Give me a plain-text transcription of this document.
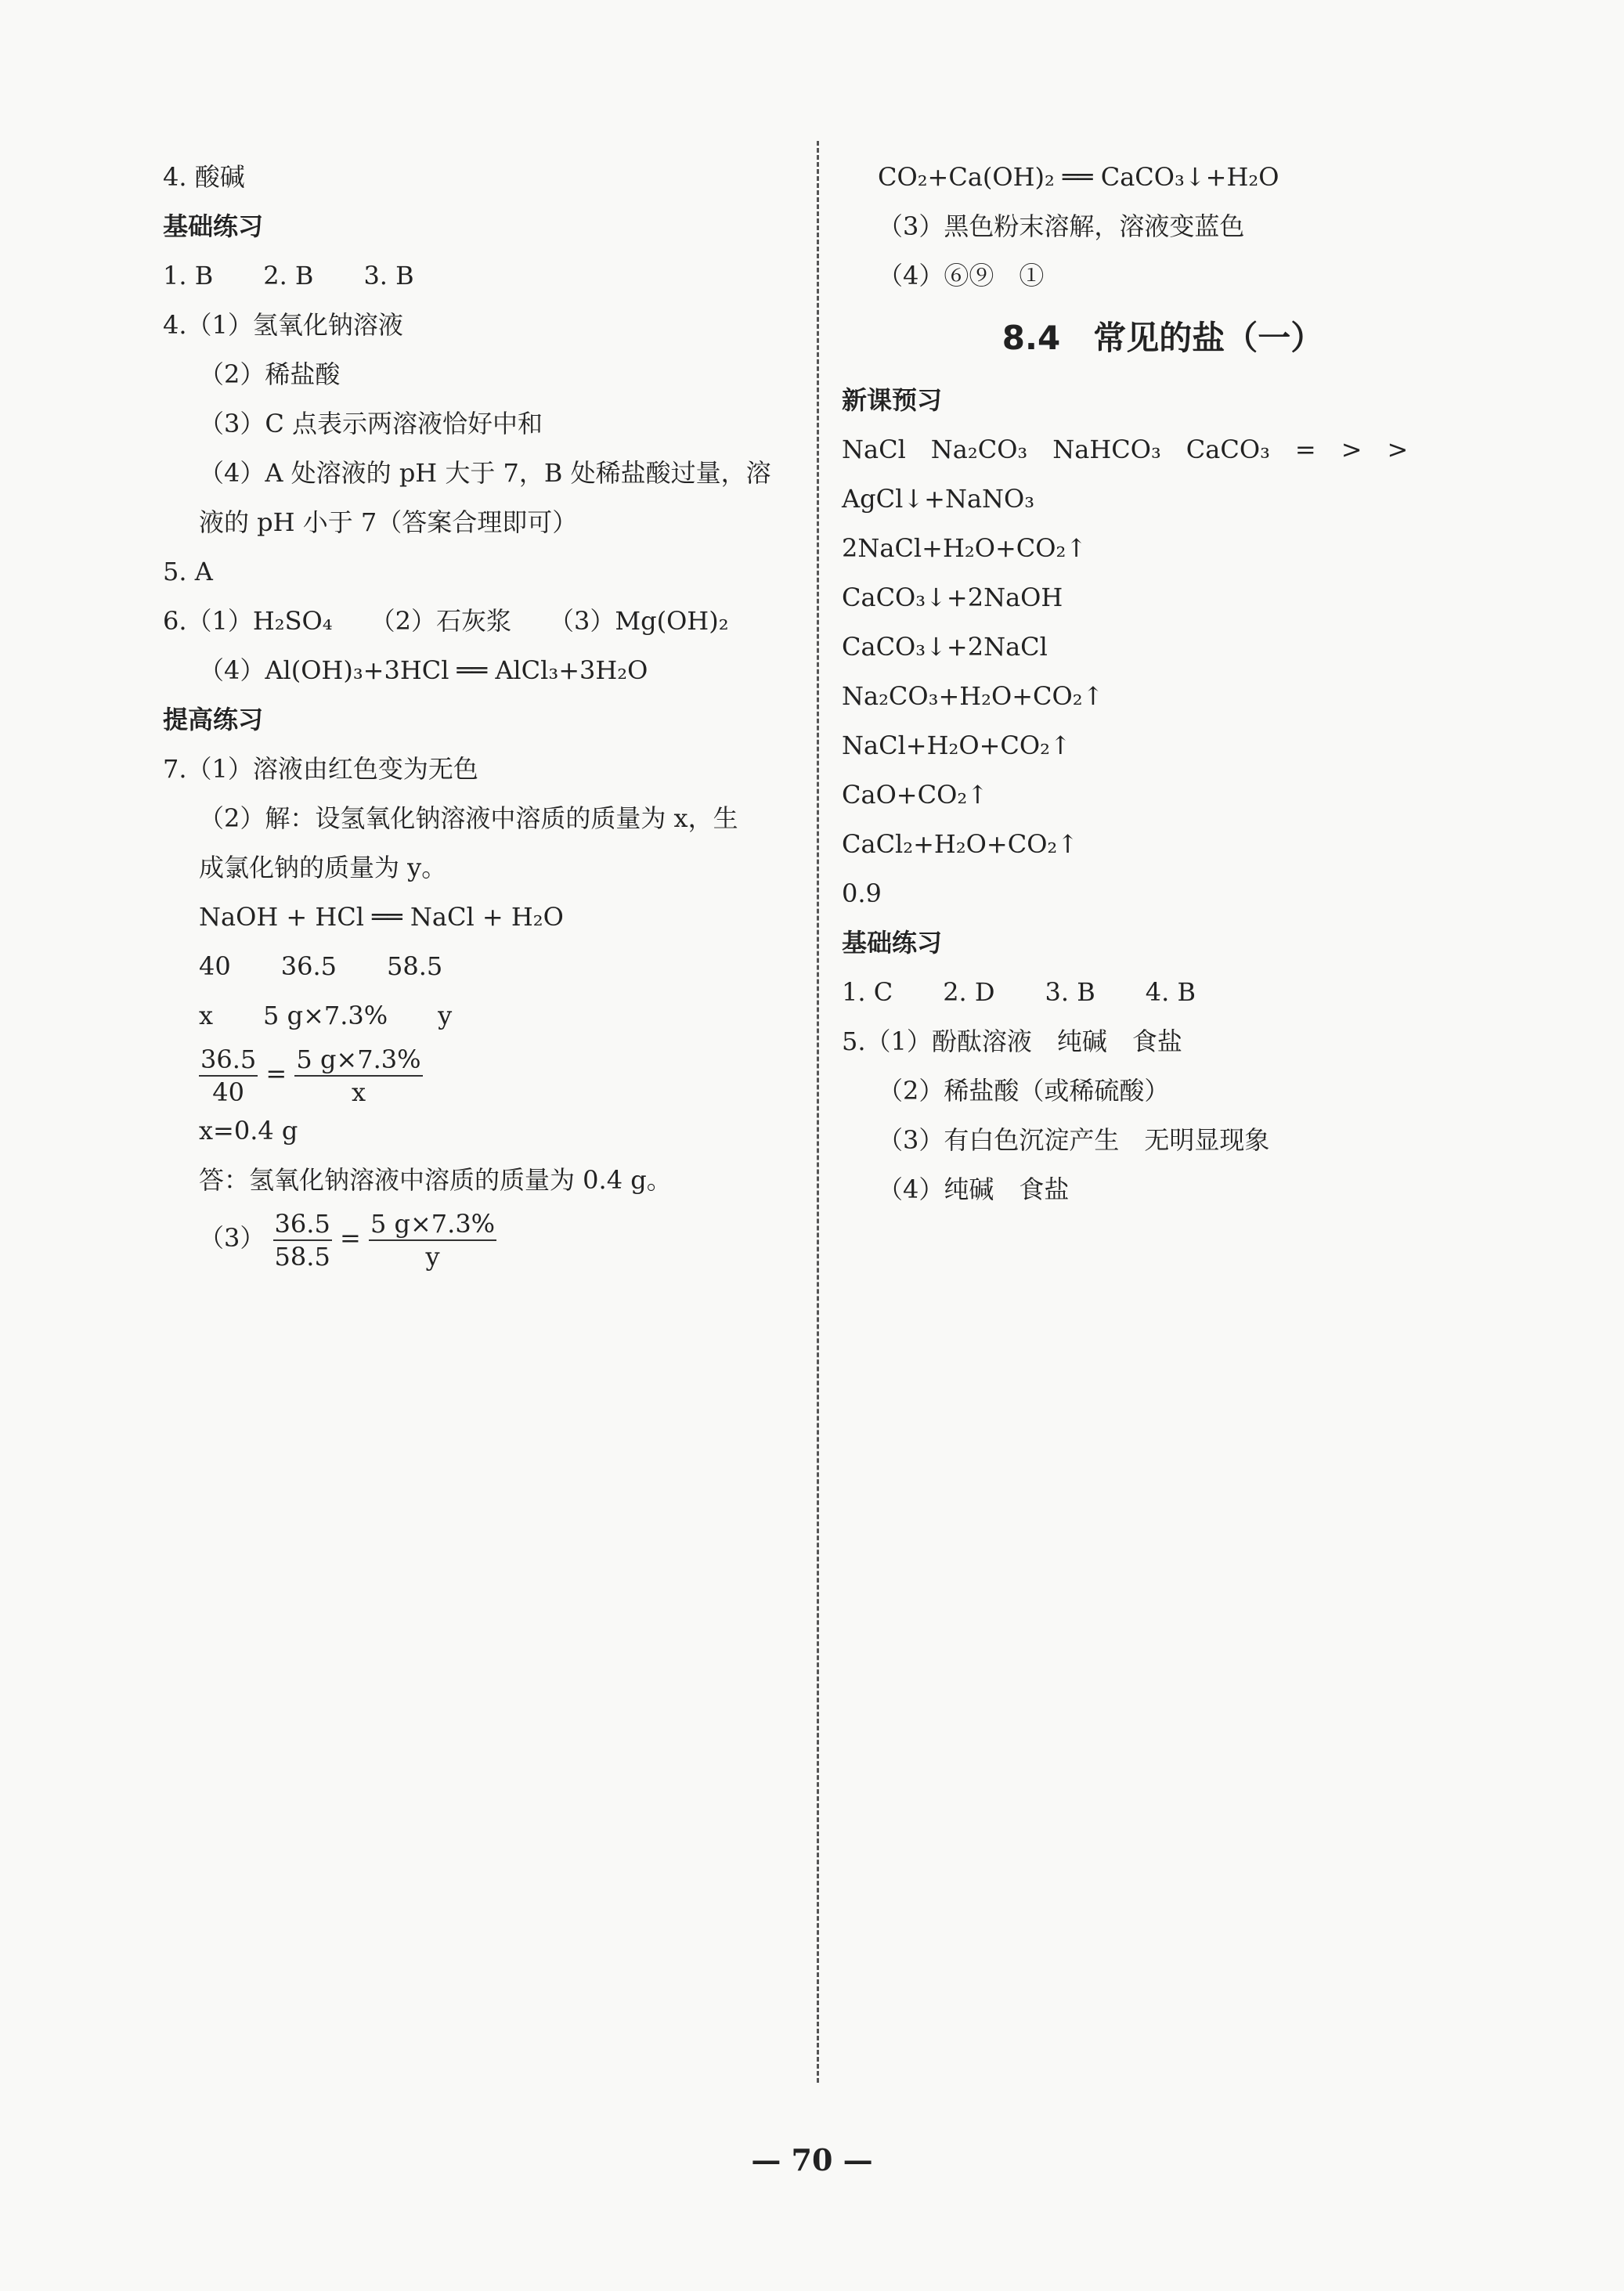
4. 酸碱
基础练习
1. B　　2. B　　3. B
4.（1）氢氧化钠溶液
（2）稀盐酸
（3）C 点表示两溶液恰好中和
（4）A 处溶液的 pH 大于 7，B 处稀盐酸过量，溶
液的 pH 小于 7（答案合理即可）
5. A
6.（1）H₂SO₄　　（2）石灰浆　　（3）Mg(OH)₂
（4）Al(OH)₃+3HCl ══ AlCl₃+3H₂O
提高练习
7.（1）溶液由红色变为无色
（2）解：设氢氧化钠溶液中溶质的质量为 x，生
成氯化钠的质量为 y。
NaOH + HCl ══ NaCl + H₂O
40　　36.5　　58.5
x　　5 g×7.3%　　y
$\frac{36.5}{40} = \frac{5 g\times 7.3\%}{x}$
x=0.4 g
答：氢氧化钠溶液中溶质的质量为 0.4 g。
$(3) \frac{36.5}{58.5} = \frac{5 g\times 7.3\%}{y}$
CO₂+Ca(OH)₂ ══ CaCO₃↓+H₂O
（3）黑色粉末溶解，溶液变蓝色
（4）⑥⑨　①
8.4　常见的盐（一）
新课预习
NaCl　Na₂CO₃　NaHCO₃　CaCO₃　=　>　>
AgCl↓+NaNO₃
2NaCl+H₂O+CO₂↑
CaCO₃↓+2NaOH
CaCO₃↓+2NaCl
Na₂CO₃+H₂O+CO₂↑
NaCl+H₂O+CO₂↑
CaO+CO₂↑
CaCl₂+H₂O+CO₂↑
0.9
基础练习
1. C　　2. D　　3. B　　4. B
5.（1）酚酞溶液　纯碱　食盐
（2）稀盐酸（或稀硫酸）
（3）有白色沉淀产生　无明显现象
（4）纯碱　食盐
— 70 —
